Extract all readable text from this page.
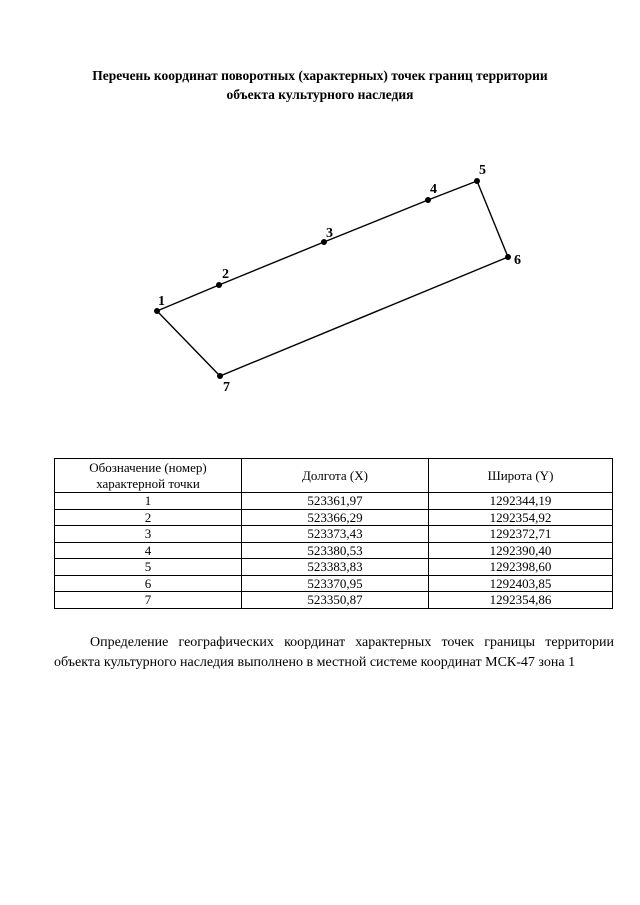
Перечень координат поворотных (характерных) точек границ территории
объекта культурного наследия
1
2
3
4
5
6
7
Обозначение (номер) характерной точки	Долгота (X)	Широта (Y)
1	523361,97	1292344,19
2	523366,29	1292354,92
3	523373,43	1292372,71
4	523380,53	1292390,40
5	523383,83	1292398,60
6	523370,95	1292403,85
7	523350,87	1292354,86

Определение географических координат характерных точек границы территории объекта культурного наследия выполнено в местной системе координат МСК-47 зона 1
